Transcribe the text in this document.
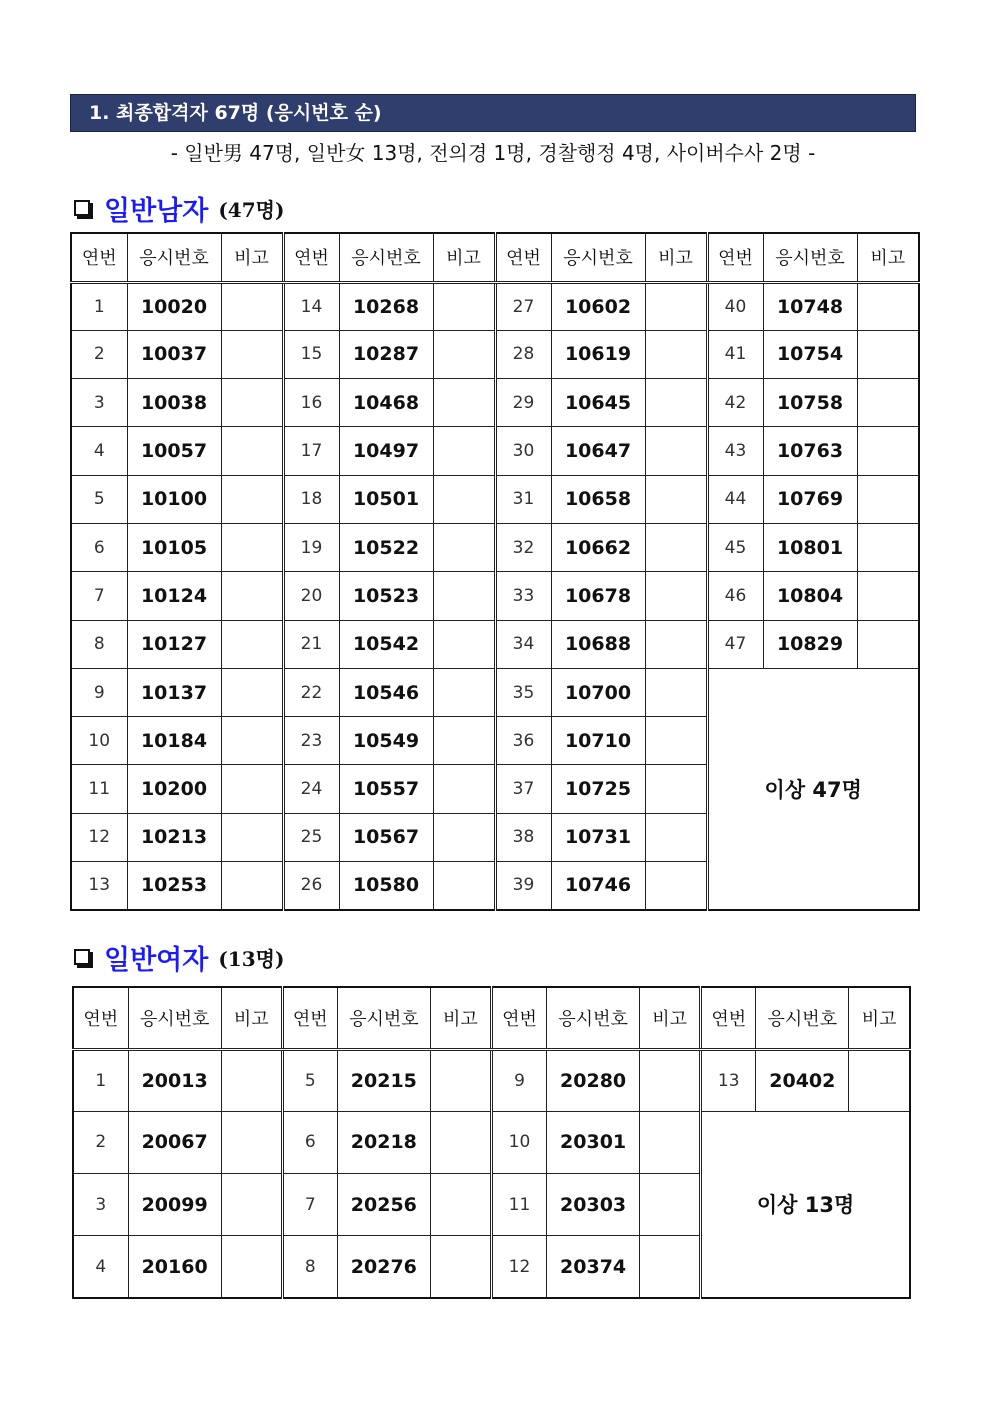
1. 최종합격자 67명 (응시번호 순)
- 일반男 47명, 일반女 13명, 전의경 1명, 경찰행정 4명, 사이버수사 2명 -
일반남자 (47명)
연번	응시번호	비고	연번	응시번호	비고	연번	응시번호	비고	연번	응시번호	비고
1	10020		14	10268		27	10602		40	10748	
2	10037		15	10287		28	10619		41	10754	
3	10038		16	10468		29	10645		42	10758	
4	10057		17	10497		30	10647		43	10763	
5	10100		18	10501		31	10658		44	10769	
6	10105		19	10522		32	10662		45	10801	
7	10124		20	10523		33	10678		46	10804	
8	10127		21	10542		34	10688		47	10829	
9	10137		22	10546		35	10700		이상 47명		
10	10184		23	10549		36	10710				
11	10200		24	10557		37	10725				
12	10213		25	10567		38	10731				
13	10253		26	10580		39	10746				
일반여자 (13명)
연번	응시번호	비고	연번	응시번호	비고	연번	응시번호	비고	연번	응시번호	비고
1	20013		5	20215		9	20280		13	20402	
2	20067		6	20218		10	20301		이상 13명		
3	20099		7	20256		11	20303				
4	20160		8	20276		12	20374				
